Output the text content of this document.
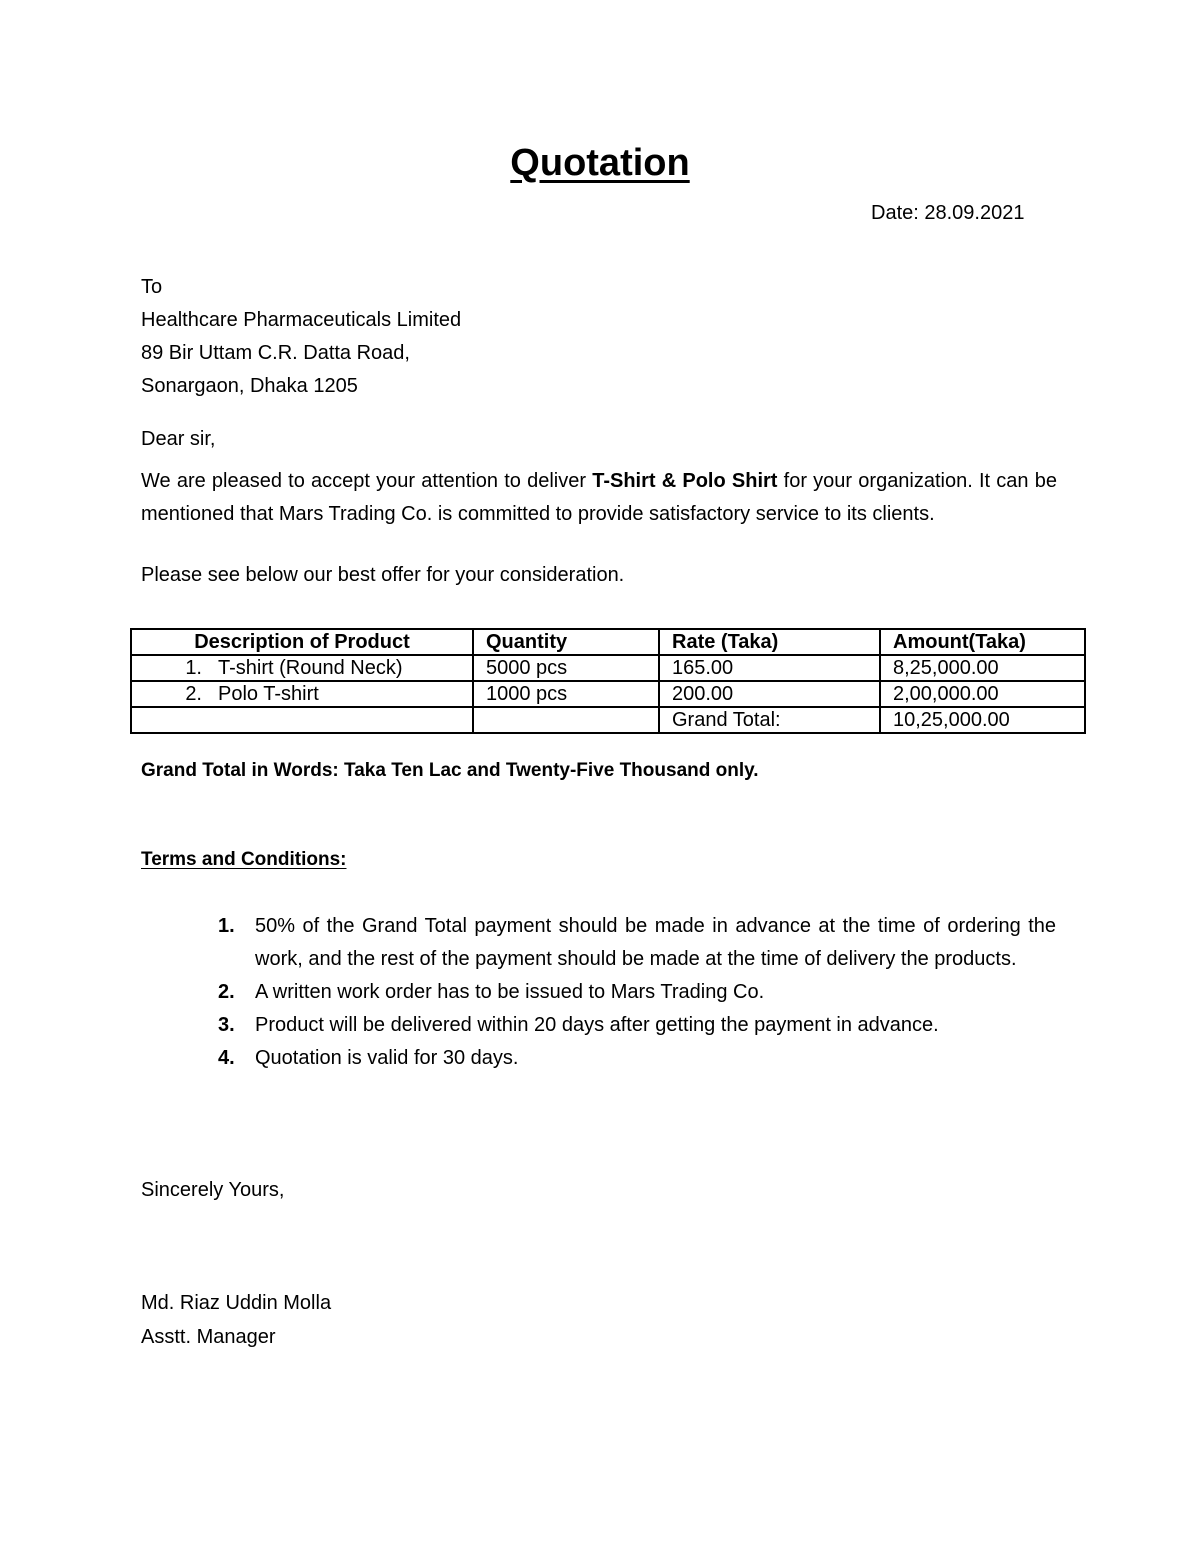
Quotation
Date: 28.09.2021
To
Healthcare Pharmaceuticals Limited
89 Bir Uttam C.R. Datta Road,
Sonargaon, Dhaka 1205
Dear sir,
We are pleased to accept your attention to deliver T-Shirt & Polo Shirt for your organization. It can be mentioned that Mars Trading Co. is committed to provide satisfactory service to its clients.
Please see below our best offer for your consideration.
Description of Product	Quantity	Rate (Taka)	Amount(Taka)
1. T-shirt (Round Neck)	5000 pcs	165.00	8,25,000.00
2. Polo T-shirt	1000 pcs	200.00	2,00,000.00
		Grand Total:	10,25,000.00
Grand Total in Words: Taka Ten Lac and Twenty-Five Thousand only.
Terms and Conditions:
1.	50% of the Grand Total payment should be made in advance at the time of ordering the work, and the rest of the payment should be made at the time of delivery the products.
2.	A written work order has to be issued to Mars Trading Co.
3.	Product will be delivered within 20 days after getting the payment in advance.
4.	Quotation is valid for 30 days.
Sincerely Yours,
Md. Riaz Uddin Molla
Asstt. Manager
